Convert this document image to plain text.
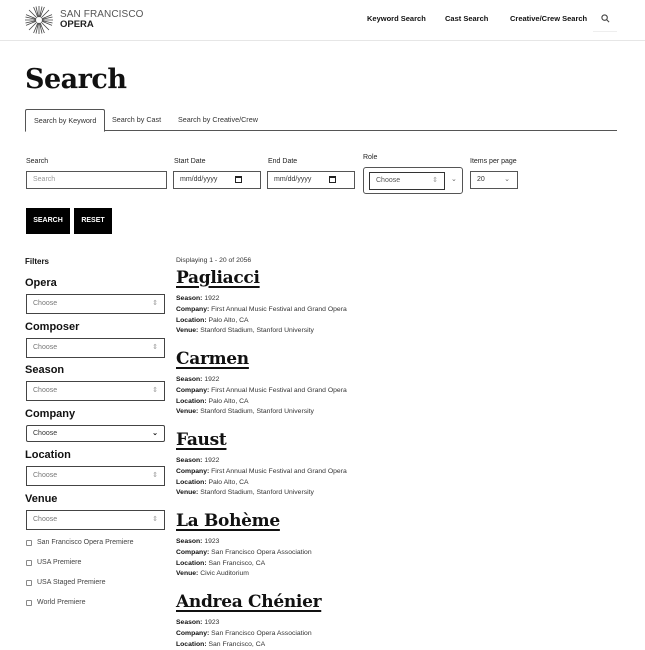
SAN FRANCISCO
OPERA
Keyword Search	Cast Search	Creative/Crew Search
Search
Search by Keyword	Search by Cast	Search by Creative/Crew
Search
Search
Start Date
mm/dd/yyyy
End Date
mm/dd/yyyy
Role
Choose	⇕ ⌄
Items per page
20	⌄
SEARCH	RESET
Filters
Opera
Choose	⇕
Composer
Choose	⇕
Season
Choose	⇕
Company
Choose	⌄
Location
Choose	⇕
Venue
Choose	⇕
San Francisco Opera Premiere
USA Premiere
USA Staged Premiere
World Premiere
Displaying 1 - 20 of 2056
Pagliacci
Season: 1922
Company: First Annual Music Festival and Grand Opera
Location: Palo Alto, CA
Venue: Stanford Stadium, Stanford University
Carmen
Season: 1922
Company: First Annual Music Festival and Grand Opera
Location: Palo Alto, CA
Venue: Stanford Stadium, Stanford University
Faust
Season: 1922
Company: First Annual Music Festival and Grand Opera
Location: Palo Alto, CA
Venue: Stanford Stadium, Stanford University
La Bohème
Season: 1923
Company: San Francisco Opera Association
Location: San Francisco, CA
Venue: Civic Auditorium
Andrea Chénier
Season: 1923
Company: San Francisco Opera Association
Location: San Francisco, CA
